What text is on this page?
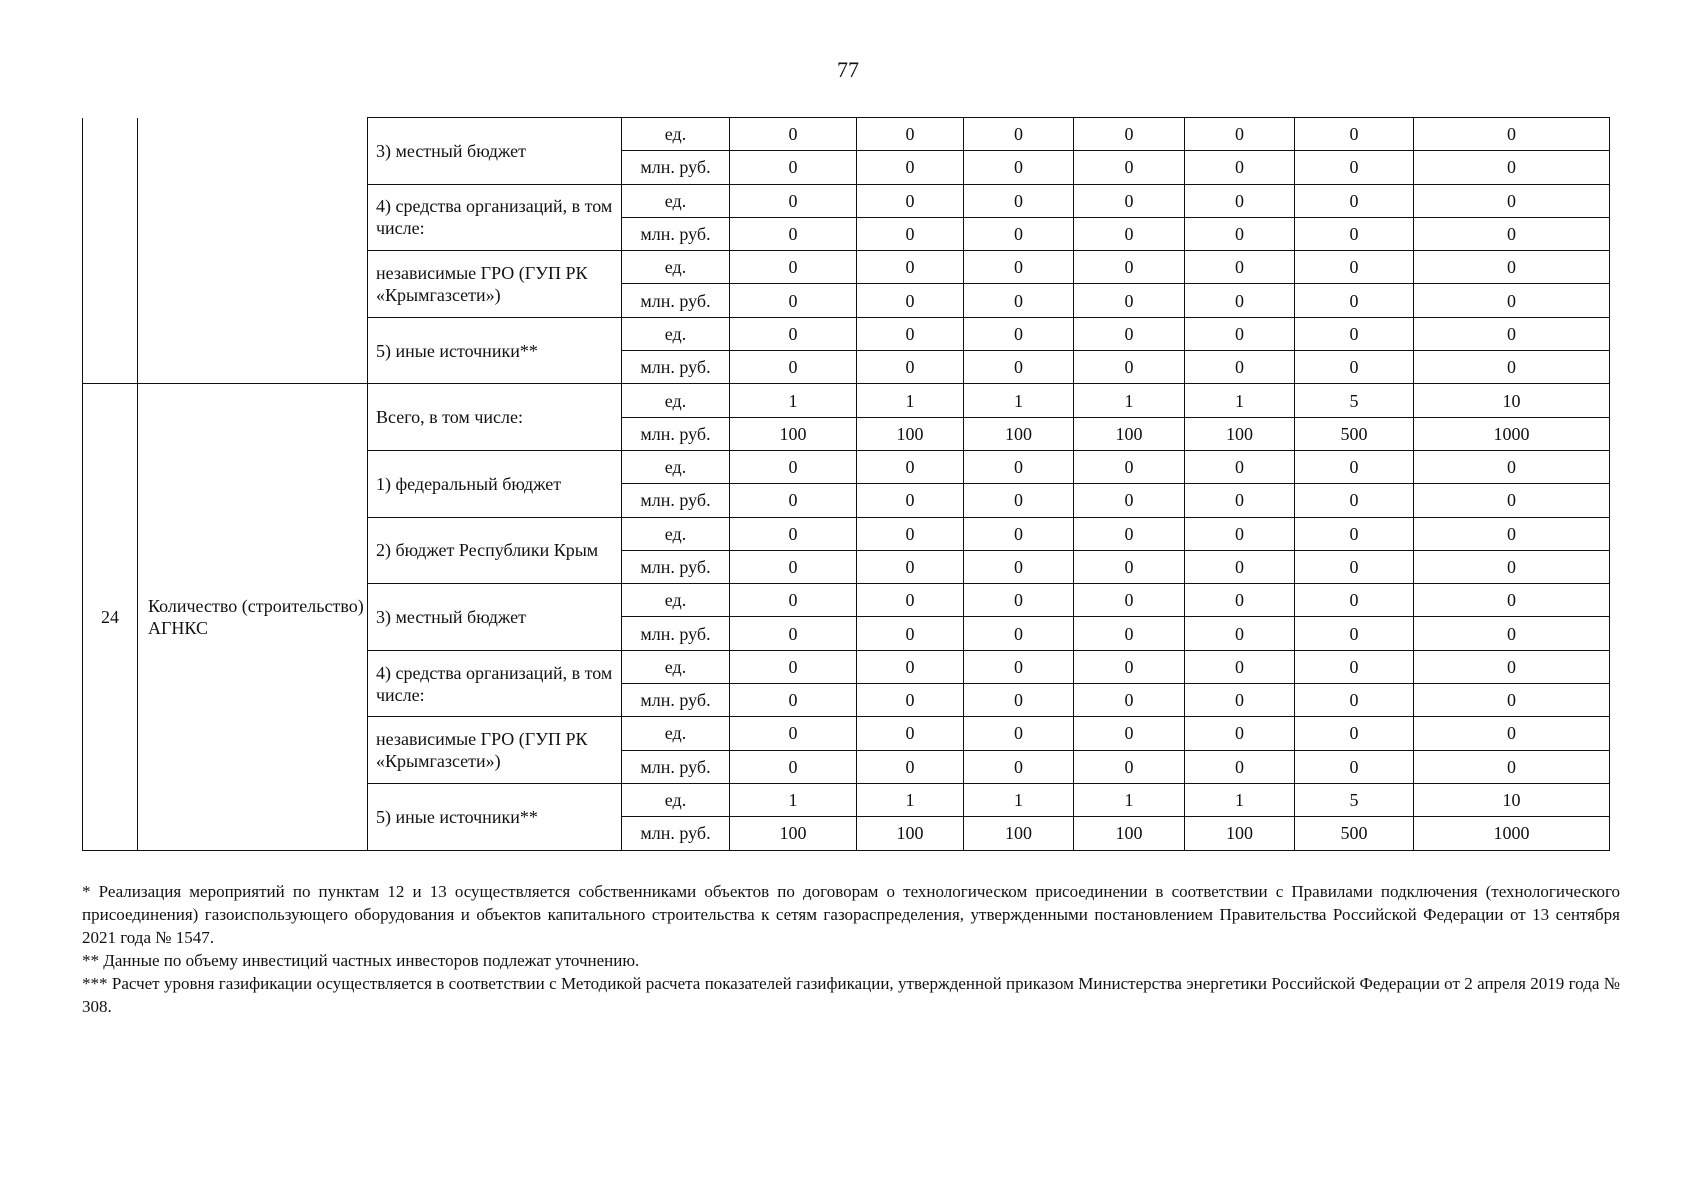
77
		3) местный бюджет	ед.	0	0	0	0	0	0	0
			млн. руб.	0	0	0	0	0	0	0
		4) средства организаций, в том числе:	ед.	0	0	0	0	0	0	0
			млн. руб.	0	0	0	0	0	0	0
		независимые ГРО (ГУП РК «Крымгазсети»)	ед.	0	0	0	0	0	0	0
			млн. руб.	0	0	0	0	0	0	0
		5) иные источники**	ед.	0	0	0	0	0	0	0
			млн. руб.	0	0	0	0	0	0	0
24	Количество (строительство) АГНКС	Всего, в том числе:	ед.	1	1	1	1	1	5	10
			млн. руб.	100	100	100	100	100	500	1000
		1) федеральный бюджет	ед.	0	0	0	0	0	0	0
			млн. руб.	0	0	0	0	0	0	0
		2) бюджет Республики Крым	ед.	0	0	0	0	0	0	0
			млн. руб.	0	0	0	0	0	0	0
		3) местный бюджет	ед.	0	0	0	0	0	0	0
			млн. руб.	0	0	0	0	0	0	0
		4) средства организаций, в том числе:	ед.	0	0	0	0	0	0	0
			млн. руб.	0	0	0	0	0	0	0
		независимые ГРО (ГУП РК «Крымгазсети»)	ед.	0	0	0	0	0	0	0
			млн. руб.	0	0	0	0	0	0	0
		5) иные источники**	ед.	1	1	1	1	1	5	10
			млн. руб.	100	100	100	100	100	500	1000

* Реализация мероприятий по пунктам 12 и 13 осуществляется собственниками объектов по договорам о технологическом присоединении в соответствии с Правилами подключения (технологического присоединения) газоиспользующего оборудования и объектов капитального строительства к сетям газораспределения, утвержденными постановлением Правительства Российской Федерации от 13 сентября 2021 года № 1547.

** Данные по объему инвестиций частных инвесторов подлежат уточнению.

*** Расчет уровня газификации осуществляется в соответствии с Методикой расчета показателей газификации, утвержденной приказом Министерства энергетики Российской Федерации от 2 апреля 2019 года № 308.
